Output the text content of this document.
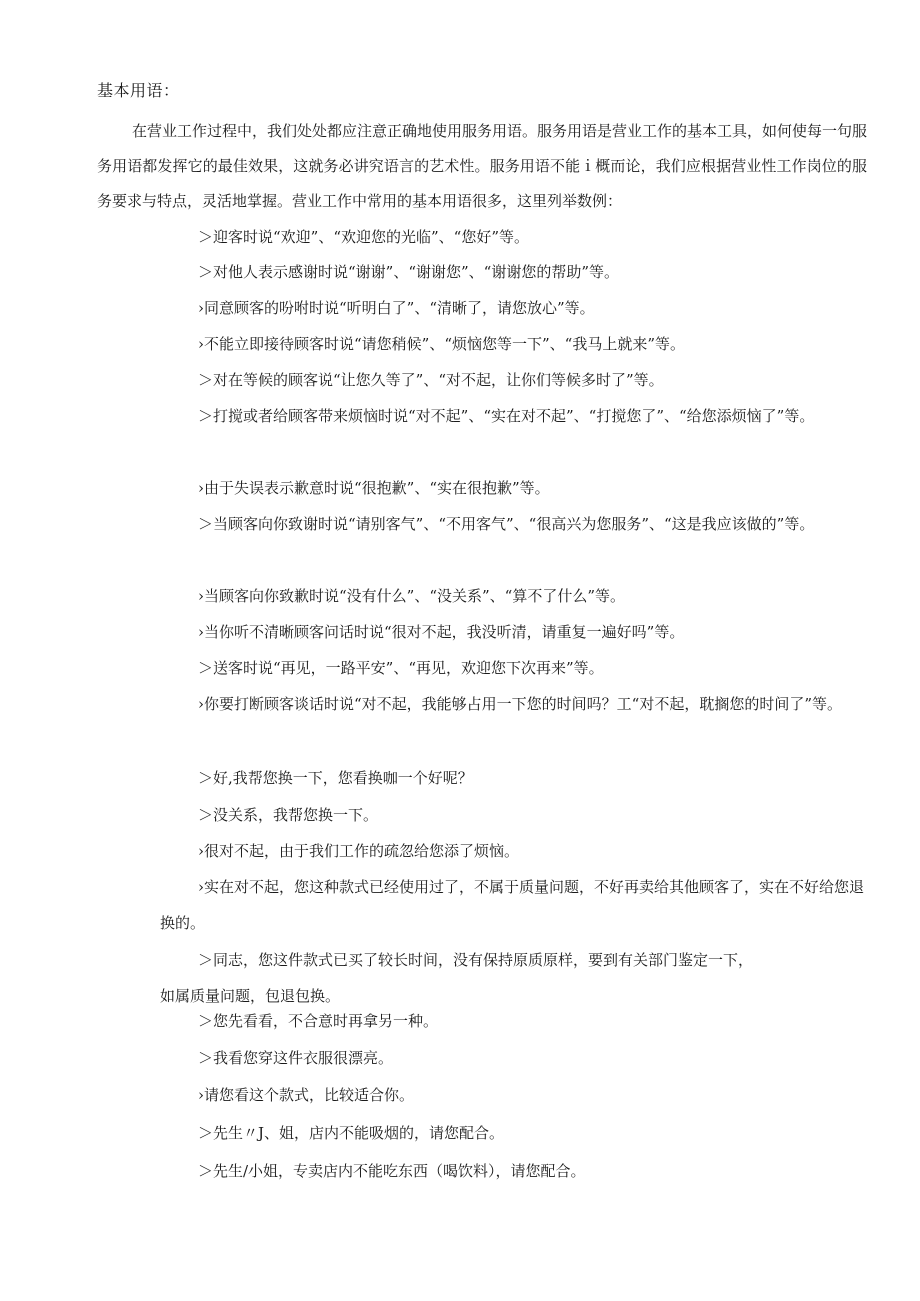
基本用语：

在营业工作过程中，我们处处都应注意正确地使用服务用语。服务用语是营业工作的基本工具，如何使每一句服务用语都发挥它的最佳效果，这就务必讲究语言的艺术性。服务用语不能ｉ概而论，我们应根据营业性工作岗位的服务要求与特点，灵活地掌握。营业工作中常用的基本用语很多，这里列举数例：

＞迎客时说“欢迎”、“欢迎您的光临”、“您好”等。
＞对他人表示感谢时说“谢谢”、“谢谢您”、“谢谢您的帮助”等。
›同意顾客的吩咐时说“听明白了”、“清晰了，请您放心”等。
›不能立即接待顾客时说“请您稍候”、“烦恼您等一下”、“我马上就来”等。
＞对在等候的顾客说“让您久等了”、“对不起，让你们等候多时了”等。
＞打搅或者给顾客带来烦恼时说“对不起”、“实在对不起”、“打搅您了”、“给您添烦恼了”等。
›由于失误表示歉意时说“很抱歉”、“实在很抱歉”等。
＞当顾客向你致谢时说“请别客气”、“不用客气”、“很高兴为您服务”、“这是我应该做的”等。
›当顾客向你致歉时说“没有什么”、“没关系”、“算不了什么”等。
›当你听不清晰顾客问话时说“很对不起，我没听清，请重复一遍好吗”等。
＞送客时说“再见，一路平安”、“再见，欢迎您下次再来”等。
›你要打断顾客谈话时说“对不起，我能够占用一下您的时间吗？工“对不起，耽搁您的时间了”等。
＞好,我帮您换一下，您看换咖一个好呢？
＞没关系，我帮您换一下。
›很对不起，由于我们工作的疏忽给您添了烦恼。
›实在对不起，您这种款式已经使用过了，不属于质量问题，不好再卖给其他顾客了，实在不好给您退换的。
＞同志，您这件款式已买了较长时间，没有保持原质原样，要到有关部门鉴定一下，如属质量问题，包退包换。
＞您先看看，不合意时再拿另一种。
＞我看您穿这件衣服很漂亮。
›请您看这个款式，比较适合你。
＞先生〃J、姐，店内不能吸烟的，请您配合。
＞先生/小姐，专卖店内不能吃东西（喝饮料），请您配合。
